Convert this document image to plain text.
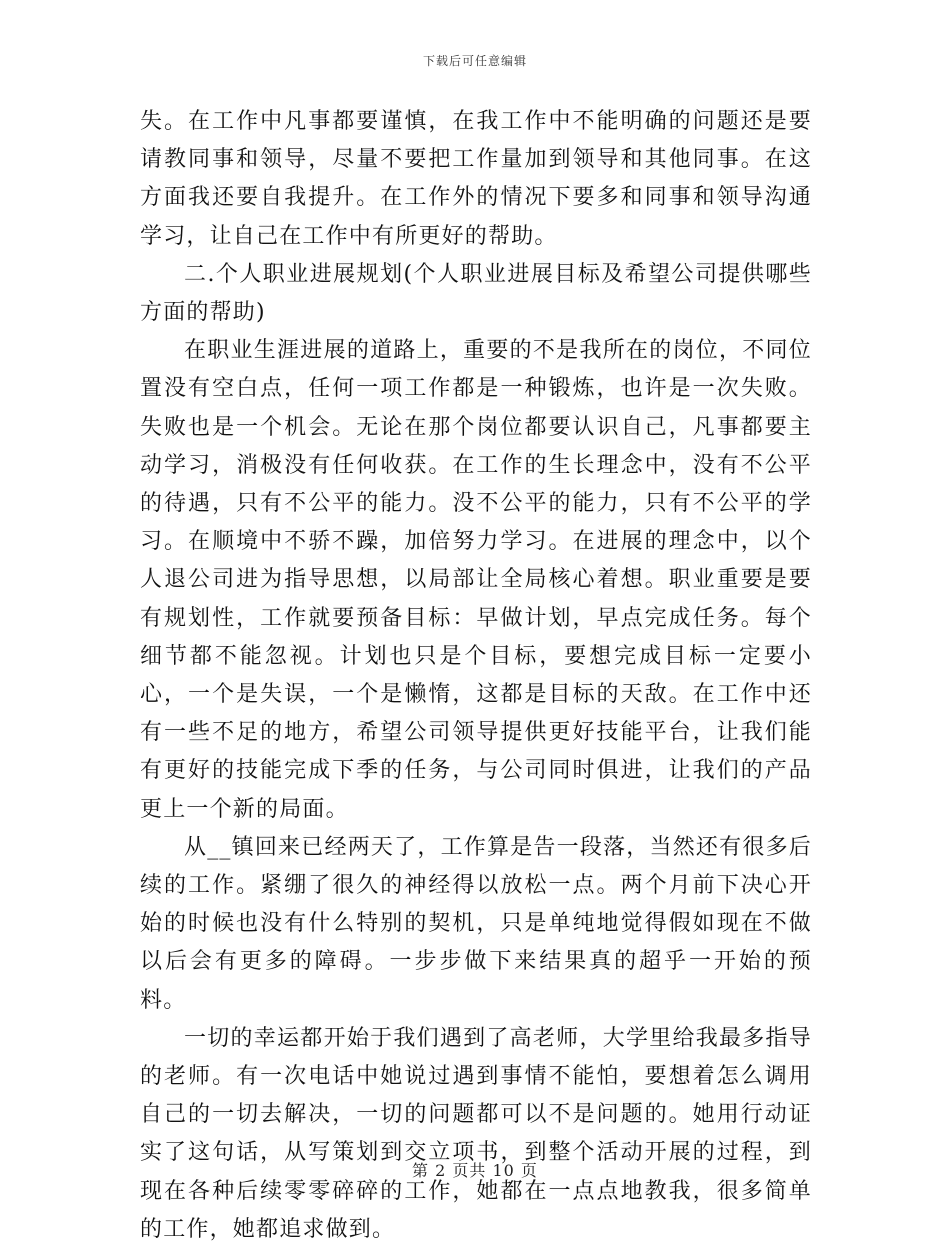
下载后可任意编辑

失。在工作中凡事都要谨慎，在我工作中不能明确的问题还是要请教同事和领导，尽量不要把工作量加到领导和其他同事。在这方面我还要自我提升。在工作外的情况下要多和同事和领导沟通学习，让自己在工作中有所更好的帮助。

二.个人职业进展规划(个人职业进展目标及希望公司提供哪些方面的帮助)

在职业生涯进展的道路上，重要的不是我所在的岗位，不同位置没有空白点，任何一项工作都是一种锻炼，也许是一次失败。失败也是一个机会。无论在那个岗位都要认识自己，凡事都要主动学习，消极没有任何收获。在工作的生长理念中，没有不公平的待遇，只有不公平的能力。没不公平的能力，只有不公平的学习。在顺境中不骄不躁，加倍努力学习。在进展的理念中，以个人退公司进为指导思想，以局部让全局核心着想。职业重要是要有规划性，工作就要预备目标：早做计划，早点完成任务。每个细节都不能忽视。计划也只是个目标，要想完成目标一定要小心，一个是失误，一个是懒惰，这都是目标的天敌。在工作中还有一些不足的地方，希望公司领导提供更好技能平台，让我们能有更好的技能完成下季的任务，与公司同时俱进，让我们的产品更上一个新的局面。

从__镇回来已经两天了，工作算是告一段落，当然还有很多后续的工作。紧绷了很久的神经得以放松一点。两个月前下决心开始的时候也没有什么特别的契机，只是单纯地觉得假如现在不做以后会有更多的障碍。一步步做下来结果真的超乎一开始的预料。

一切的幸运都开始于我们遇到了高老师，大学里给我最多指导的老师。有一次电话中她说过遇到事情不能怕，要想着怎么调用自己的一切去解决，一切的问题都可以不是问题的。她用行动证实了这句话，从写策划到交立项书，到整个活动开展的过程，到现在各种后续零零碎碎的工作，她都在一点点地教我，很多简单的工作，她都追求做到。

第 2 页共 10 页
